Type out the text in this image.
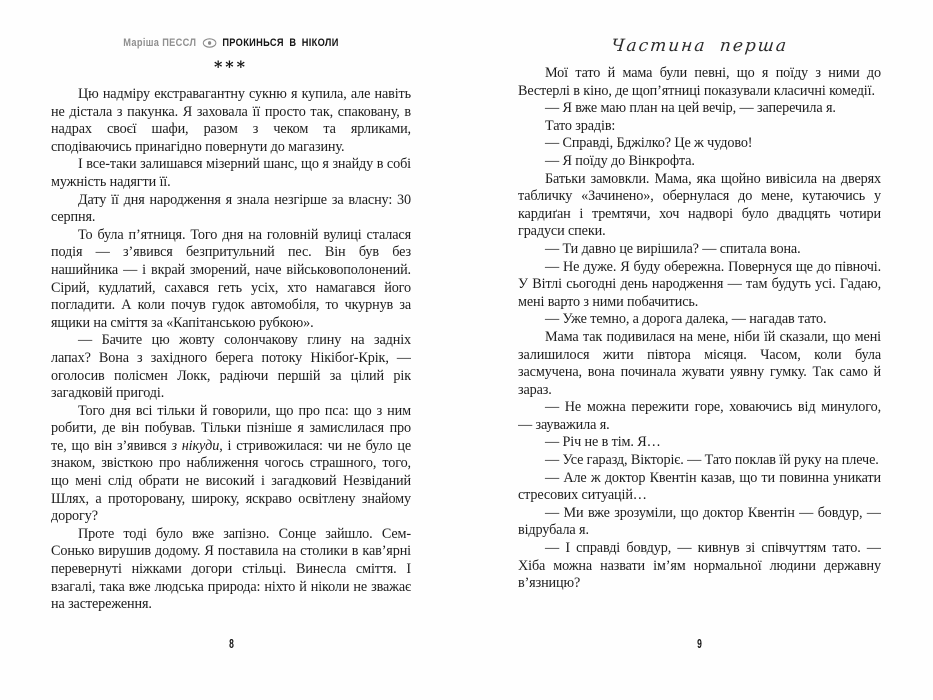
Маріша ПЕССЛ ПРОКИНЬСЯ В НІКОЛИ
***

Цю надміру екстравагантну сукню я купила, але навіть не дістала з пакунка. Я заховала її просто так, спаковану, в надрах своєї шафи, разом з чеком та ярликами, сподіваючись принагідно повернути до магазину.

І все-таки залишався мізерний шанс, що я знайду в собі мужність надягти її.

Дату її дня народження я знала незгірше за власну: 30 серпня.

То була п’ятниця. Того дня на головній вулиці сталася подія — з’явився безпритульний пес. Він був без нашийника — і вкрай зморений, наче військовополонений. Сірий, кудлатий, сахався геть усіх, хто намагався його погладити. А коли почув гудок автомобіля, то чкурнув за ящики на сміття за «Капітанською рубкою».

— Бачите цю жовту солончакову глину на задніх лапах? Вона з західного берега потоку Нікібоґ-Крік, — оголосив полісмен Локк, радіючи першій за цілий рік загадковій пригоді.

Того дня всі тільки й говорили, що про пса: що з ним робити, де він побував. Тільки пізніше я замислилася про те, що він з’явився з нікуди, і стривожилася: чи не було це знаком, звісткою про наближення чогось страшного, того, що мені слід обрати не високий і загадковий Незвіданий Шлях, а проторовану, широку, яскраво освітлену знайому дорогу?

Проте тоді було вже запізно. Сонце зайшло. Сем-Сонько вирушив додому. Я поставила на столики в кав’ярні перевернуті ніжками догори стільці. Винесла сміття. І взагалі, така вже людська природа: ніхто й ніколи не зважає на застереження.

Частина перша

Мої тато й мама були певні, що я поїду з ними до Вестерлі в кіно, де щоп’ятниці показували класичні комедії.

— Я вже маю план на цей вечір, — заперечила я.

Тато зрадів:

— Справді, Бджілко? Це ж чудово!

— Я поїду до Вінкрофта.

Батьки замовкли. Мама, яка щойно вивісила на дверях табличку «Зачинено», обернулася до мене, кутаючись у кардиґан і тремтячи, хоч надворі було двадцять чотири градуси спеки.

— Ти давно це вирішила? — спитала вона.

— Не дуже. Я буду обережна. Повернуся ще до півночі. У Вітлі сьогодні день народження — там будуть усі. Гадаю, мені варто з ними побачитись.

— Уже темно, а дорога далека, — нагадав тато.

Мама так подивилася на мене, ніби їй сказали, що мені залишилося жити півтора місяця. Часом, коли була засмучена, вона починала жувати уявну гумку. Так само й зараз.

— Не можна пережити горе, ховаючись від минулого, — зауважила я.

— Річ не в тім. Я…

— Усе гаразд, Вікторіє. — Тато поклав їй руку на плече.

— Але ж доктор Квентін казав, що ти повинна уникати стресових ситуацій…

— Ми вже зрозуміли, що доктор Квентін — бовдур, — відрубала я.

— І справді бовдур, — кивнув зі співчуттям тато. — Хіба можна назвати ім’ям нормальної людини державну в’язницю?

8	9
